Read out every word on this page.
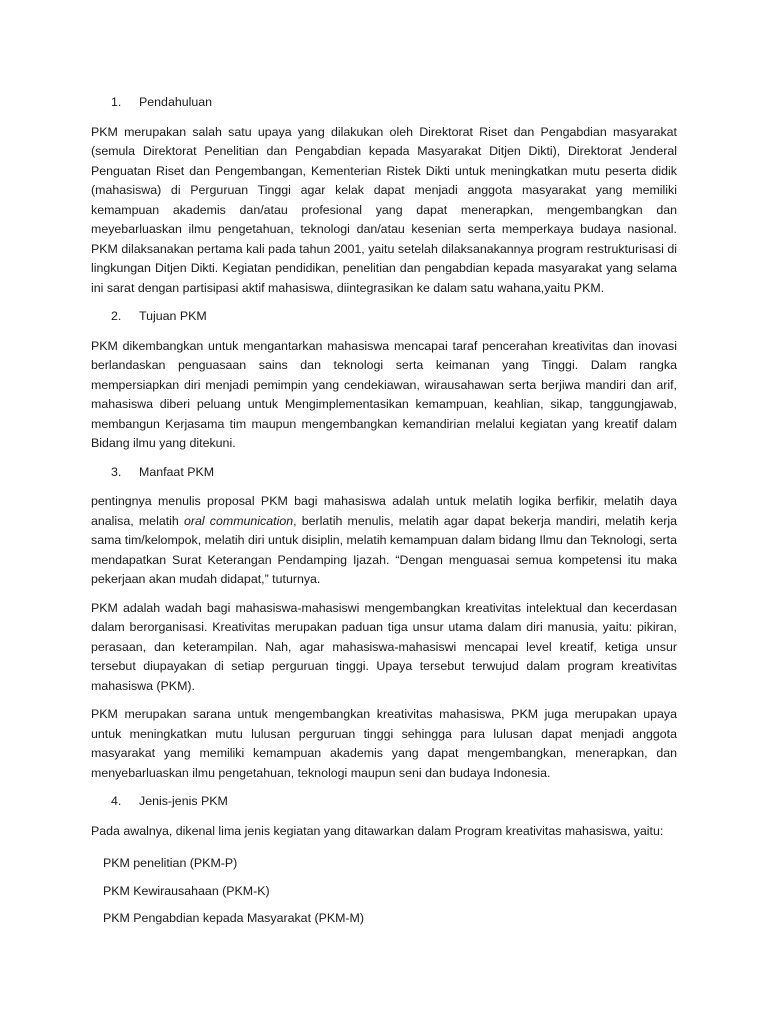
1.	Pendahuluan

PKM merupakan salah satu upaya yang dilakukan oleh Direktorat Riset dan Pengabdian masyarakat (semula Direktorat Penelitian dan Pengabdian kepada Masyarakat Ditjen Dikti), Direktorat Jenderal Penguatan Riset dan Pengembangan, Kementerian Ristek Dikti untuk meningkatkan mutu peserta didik (mahasiswa) di Perguruan Tinggi agar kelak dapat menjadi anggota masyarakat yang memiliki kemampuan akademis dan/atau profesional yang dapat menerapkan, mengembangkan dan meyebarluaskan ilmu pengetahuan, teknologi dan/atau kesenian serta memperkaya budaya nasional. PKM dilaksanakan pertama kali pada tahun 2001, yaitu setelah dilaksanakannya program restrukturisasi di lingkungan Ditjen Dikti. Kegiatan pendidikan, penelitian dan pengabdian kepada masyarakat yang selama ini sarat dengan partisipasi aktif mahasiswa, diintegrasikan ke dalam satu wahana,yaitu PKM.

2.	Tujuan PKM

PKM dikembangkan untuk mengantarkan mahasiswa mencapai taraf pencerahan kreativitas dan inovasi berlandaskan penguasaan sains dan teknologi serta keimanan yang Tinggi. Dalam rangka mempersiapkan diri menjadi pemimpin yang cendekiawan, wirausahawan serta berjiwa mandiri dan arif, mahasiswa diberi peluang untuk Mengimplementasikan kemampuan, keahlian, sikap, tanggungjawab, membangun Kerjasama tim maupun mengembangkan kemandirian melalui kegiatan yang kreatif dalam Bidang ilmu yang ditekuni.

3.	Manfaat PKM

pentingnya menulis proposal PKM bagi mahasiswa adalah untuk melatih logika berfikir, melatih daya analisa, melatih oral communication, berlatih menulis, melatih agar dapat bekerja mandiri, melatih kerja sama tim/kelompok, melatih diri untuk disiplin, melatih kemampuan dalam bidang Ilmu dan Teknologi, serta mendapatkan Surat Keterangan Pendamping Ijazah. “Dengan menguasai semua kompetensi itu maka pekerjaan akan mudah didapat,” tuturnya.

PKM adalah wadah bagi mahasiswa-mahasiswi mengembangkan kreativitas intelektual dan kecerdasan dalam berorganisasi. Kreativitas merupakan paduan tiga unsur utama dalam diri manusia, yaitu: pikiran, perasaan, dan keterampilan. Nah, agar mahasiswa-mahasiswi mencapai level kreatif, ketiga unsur tersebut diupayakan di setiap perguruan tinggi. Upaya tersebut terwujud dalam program kreativitas mahasiswa (PKM).

PKM merupakan sarana untuk mengembangkan kreativitas mahasiswa, PKM juga merupakan upaya untuk meningkatkan mutu lulusan perguruan tinggi sehingga para lulusan dapat menjadi anggota masyarakat yang memiliki kemampuan akademis yang dapat mengembangkan, menerapkan, dan menyebarluaskan ilmu pengetahuan, teknologi maupun seni dan budaya Indonesia.

4.	Jenis-jenis PKM

Pada awalnya, dikenal lima jenis kegiatan yang ditawarkan dalam Program kreativitas mahasiswa, yaitu:

PKM penelitian (PKM-P)
PKM Kewirausahaan (PKM-K)
PKM Pengabdian kepada Masyarakat (PKM-M)
